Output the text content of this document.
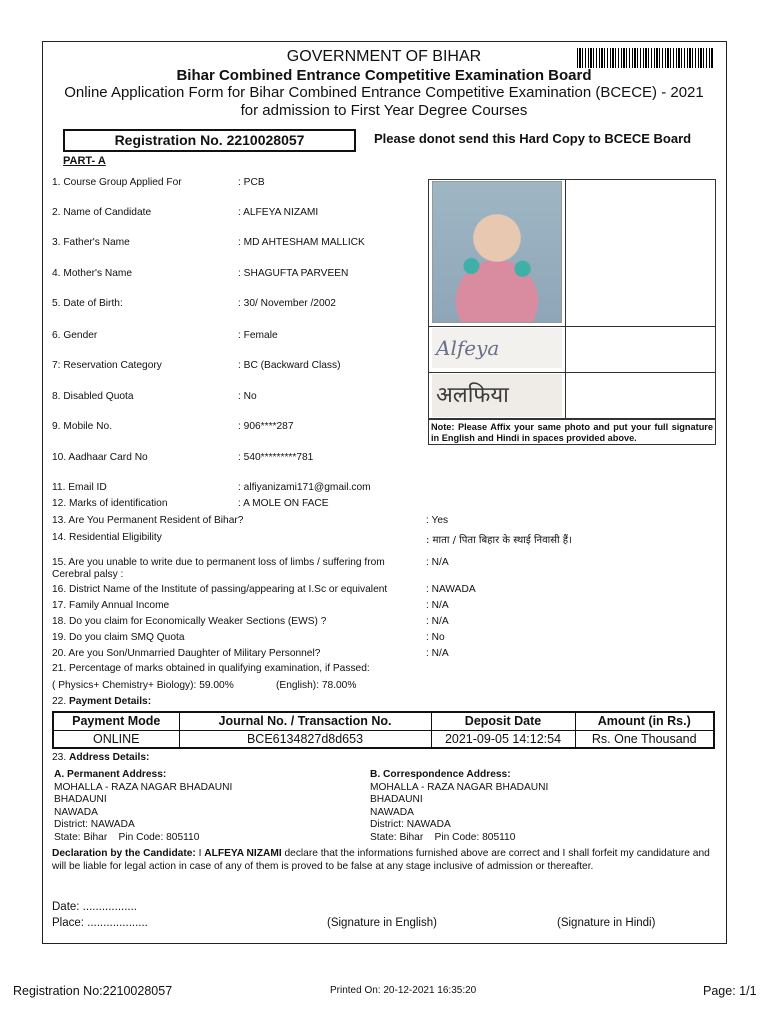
GOVERNMENT OF BIHAR
Bihar Combined Entrance Competitive Examination Board
Online Application Form for Bihar Combined Entrance Competitive Examination (BCECE) - 2021
for admission to First Year Degree Courses
Registration No. 2210028057	Please donot send this Hard Copy to BCECE Board
PART- A
1. Course Group Applied For	: PCB
2. Name of Candidate	: ALFEYA NIZAMI
3. Father's Name	: MD AHTESHAM MALLICK
4. Mother's Name	: SHAGUFTA PARVEEN
5. Date of Birth:	: 30/ November /2002
6. Gender	: Female
7: Reservation Category	: BC (Backward Class)
8. Disabled Quota	: No
9. Mobile No.	: 906****287
10. Aadhaar Card No	: 540*********781
11. Email ID	: alfiyanizami171@gmail.com
12. Marks of identification	: A MOLE ON FACE
Alfeya
अलफिया
Note: Please Affix your same photo and put your full signature in English and Hindi in spaces provided above.
13. Are You Permanent Resident of Bihar?	: Yes
14. Residential Eligibility	: माता / पिता बिहार के स्थाई निवासी हैं।
15. Are you unable to write due to permanent loss of limbs / suffering from
Cerebral palsy :
: N/A
16. District Name of the Institute of passing/appearing at I.Sc or equivalent	: NAWADA
17. Family Annual Income	: N/A
18. Do you claim for Economically Weaker Sections (EWS) ?	: N/A
19. Do you claim SMQ Quota	: No
20. Are you Son/Unmarried Daughter of Military Personnel?	: N/A
21. Percentage of marks obtained in qualifying examination, if Passed:
( Physics+ Chemistry+ Biology): 59.00%	(English): 78.00%
22. Payment Details:
Payment Mode	Journal No. / Transaction No.	Deposit Date	Amount (in Rs.)
ONLINE	BCE6134827d8d653	2021-09-05 14:12:54	Rs. One Thousand
23. Address Details:
A. Permanent Address:
MOHALLA - RAZA NAGAR BHADAUNI
BHADAUNI
NAWADA
District: NAWADA
State: Bihar    Pin Code: 805110
B. Correspondence Address:
MOHALLA - RAZA NAGAR BHADAUNI
BHADAUNI
NAWADA
District: NAWADA
State: Bihar    Pin Code: 805110
Declaration by the Candidate: I ALFEYA NIZAMI declare that the informations furnished above are correct and I shall forfeit my candidature and will be liable for legal action in case of any of them is proved to be false at any stage inclusive of admission or thereafter.
Date: .................
Place: ...................	(Signature in English)	(Signature in Hindi)
Registration No:2210028057	Printed On: 20-12-2021 16:35:20	Page: 1/1
